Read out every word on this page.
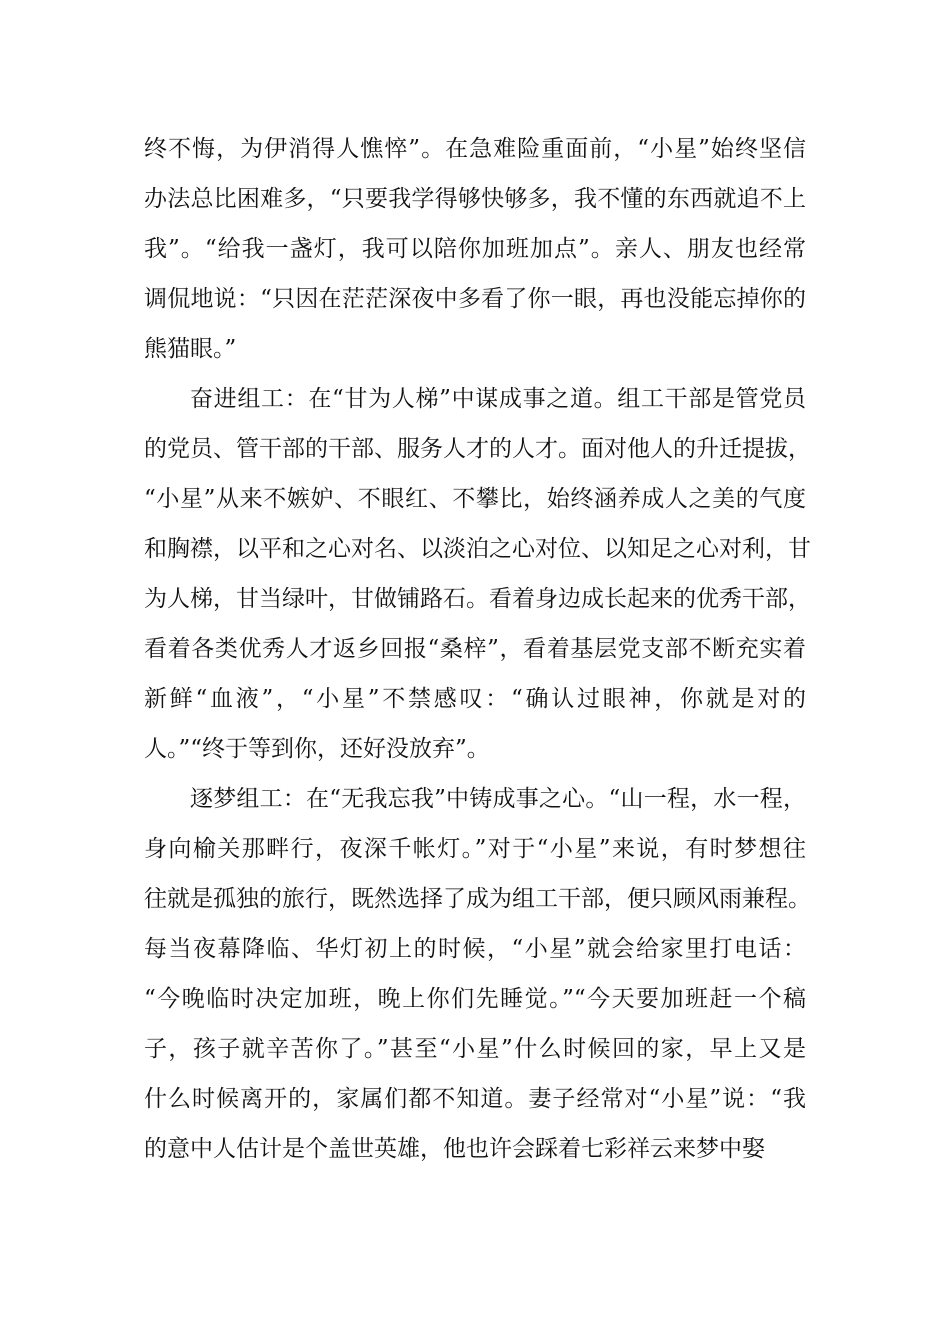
终不悔，为伊消得人憔悴”。在急难险重面前，“小星”始终坚信
办法总比困难多，“只要我学得够快够多，我不懂的东西就追不上
我”。“给我一盏灯，我可以陪你加班加点”。亲人、朋友也经常
调侃地说：“只因在茫茫深夜中多看了你一眼，再也没能忘掉你的
熊猫眼。”
奋进组工：在“甘为人梯”中谋成事之道。组工干部是管党员
的党员、管干部的干部、服务人才的人才。面对他人的升迁提拔，
“小星”从来不嫉妒、不眼红、不攀比，始终涵养成人之美的气度
和胸襟，以平和之心对名、以淡泊之心对位、以知足之心对利，甘
为人梯，甘当绿叶，甘做铺路石。看着身边成长起来的优秀干部，
看着各类优秀人才返乡回报“桑梓”，看着基层党支部不断充实着
新鲜“血液”，“小星”不禁感叹：“确认过眼神，你就是对的
人。”“终于等到你，还好没放弃”。
逐梦组工：在“无我忘我”中铸成事之心。“山一程，水一程，
身向榆关那畔行，夜深千帐灯。”对于“小星”来说，有时梦想往
往就是孤独的旅行，既然选择了成为组工干部，便只顾风雨兼程。
每当夜幕降临、华灯初上的时候，“小星”就会给家里打电话：
“今晚临时决定加班，晚上你们先睡觉。”“今天要加班赶一个稿
子，孩子就辛苦你了。”甚至“小星”什么时候回的家，早上又是
什么时候离开的，家属们都不知道。妻子经常对“小星”说：“我
的意中人估计是个盖世英雄，他也许会踩着七彩祥云来梦中娶
